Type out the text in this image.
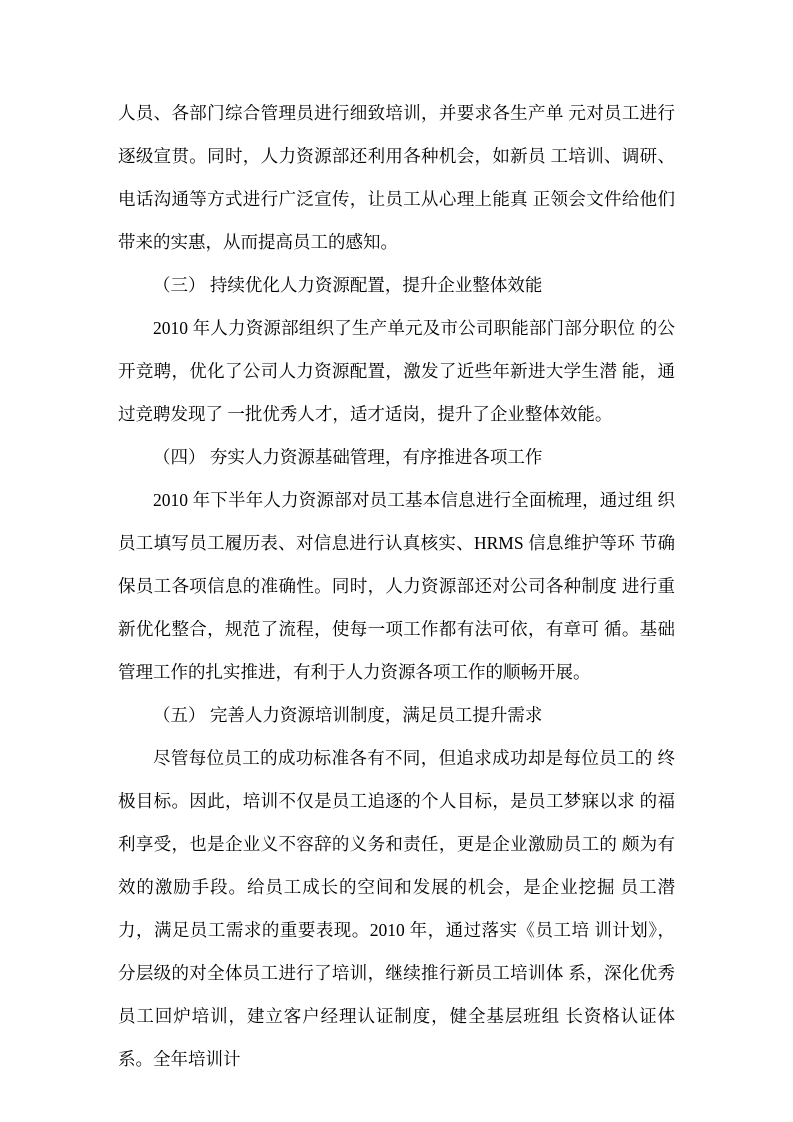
人员、各部门综合管理员进行细致培训，并要求各生产单 元对员工进行逐级宣贯。同时，人力资源部还利用各种机会，如新员 工培训、调研、电话沟通等方式进行广泛宣传，让员工从心理上能真 正领会文件给他们带来的实惠，从而提高员工的感知。

（三） 持续优化人力资源配置，提升企业整体效能

2010 年人力资源部组织了生产单元及市公司职能部门部分职位 的公开竞聘，优化了公司人力资源配置，激发了近些年新进大学生潜 能，通过竞聘发现了 一批优秀人才，适才适岗，提升了企业整体效能。

（四） 夯实人力资源基础管理，有序推进各项工作

2010 年下半年人力资源部对员工基本信息进行全面梳理，通过组 织员工填写员工履历表、对信息进行认真核实、HRMS 信息维护等环 节确保员工各项信息的准确性。同时，人力资源部还对公司各种制度 进行重新优化整合，规范了流程，使每一项工作都有法可依，有章可 循。基础管理工作的扎实推进，有利于人力资源各项工作的顺畅开展。

（五） 完善人力资源培训制度，满足员工提升需求

尽管每位员工的成功标准各有不同，但追求成功却是每位员工的 终极目标。因此，培训不仅是员工追逐的个人目标，是员工梦寐以求 的福利享受，也是企业义不容辞的义务和责任，更是企业激励员工的 颇为有效的激励手段。给员工成长的空间和发展的机会，是企业挖掘 员工潜力，满足员工需求的重要表现。2010 年，通过落实《员工培 训计划》，分层级的对全体员工进行了培训，继续推行新员工培训体 系，深化优秀员工回炉培训，建立客户经理认证制度，健全基层班组 长资格认证体系。全年培训计
